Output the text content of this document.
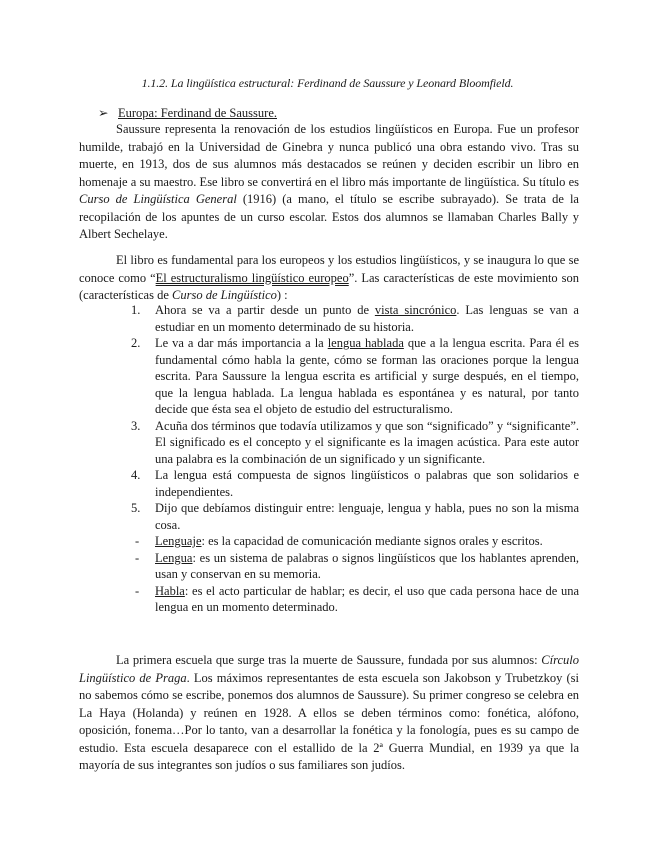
1.1.2. La lingüística estructural: Ferdinand de Saussure y Leonard Bloomfield.
➢ Europa: Ferdinand de Saussure.

Saussure representa la renovación de los estudios lingüísticos en Europa. Fue un profesor humilde, trabajó en la Universidad de Ginebra y nunca publicó una obra estando vivo. Tras su muerte, en 1913, dos de sus alumnos más destacados se reúnen y deciden escribir un libro en homenaje a su maestro. Ese libro se convertirá en el libro más importante de lingüística. Su título es Curso de Lingüística General (1916) (a mano, el título se escribe subrayado). Se trata de la recopilación de los apuntes de un curso escolar. Estos dos alumnos se llamaban Charles Bally y Albert Sechelaye.

El libro es fundamental para los europeos y los estudios lingüísticos, y se inaugura lo que se conoce como “El estructuralismo lingüístico europeo”. Las características de este movimiento son (características de Curso de Lingüístico) :

1. Ahora se va a partir desde un punto de vista sincrónico. Las lenguas se van a estudiar en un momento determinado de su historia.
2. Le va a dar más importancia a la lengua hablada que a la lengua escrita. Para él es fundamental cómo habla la gente, cómo se forman las oraciones porque la lengua escrita. Para Saussure la lengua escrita es artificial y surge después, en el tiempo, que la lengua hablada. La lengua hablada es espontánea y es natural, por tanto decide que ésta sea el objeto de estudio del estructuralismo.
3. Acuña dos términos que todavía utilizamos y que son “significado” y “significante”. El significado es el concepto y el significante es la imagen acústica. Para este autor una palabra es la combinación de un significado y un significante.
4. La lengua está compuesta de signos lingüísticos o palabras que son solidarios e independientes.
5. Dijo que debíamos distinguir entre: lenguaje, lengua y habla, pues no son la misma cosa.
- Lenguaje: es la capacidad de comunicación mediante signos orales y escritos.
- Lengua: es un sistema de palabras o signos lingüísticos que los hablantes aprenden, usan y conservan en su memoria.
- Habla: es el acto particular de hablar; es decir, el uso que cada persona hace de una lengua en un momento determinado.

La primera escuela que surge tras la muerte de Saussure, fundada por sus alumnos: Círculo Lingüístico de Praga. Los máximos representantes de esta escuela son Jakobson y Trubetzkoy (si no sabemos cómo se escribe, ponemos dos alumnos de Saussure). Su primer congreso se celebra en La Haya (Holanda) y reúnen en 1928. A ellos se deben términos como: fonética, alófono, oposición, fonema…Por lo tanto, van a desarrollar la fonética y la fonología, pues es su campo de estudio. Esta escuela desaparece con el estallido de la 2ª Guerra Mundial, en 1939 ya que la mayoría de sus integrantes son judíos o sus familiares son judíos.
